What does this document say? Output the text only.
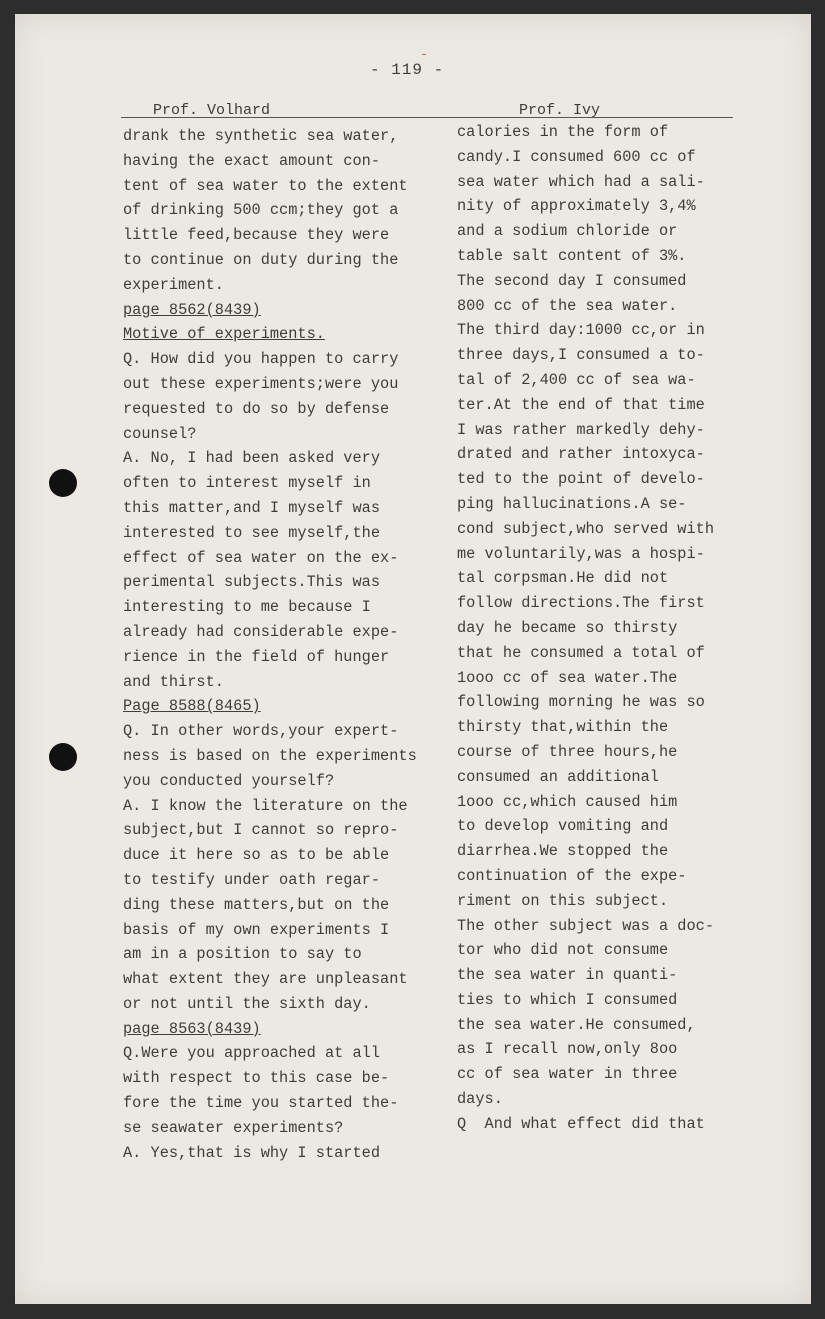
- 119 -
-
Prof. Volhard	Prof. Ivy
drank the synthetic sea water,
having the exact amount con-
tent of sea water to the extent
of drinking 500 ccm;they got a
little feed,because they were
to continue on duty during the
experiment.
page 8562(8439)
Motive of experiments.
Q. How did you happen to carry
out these experiments;were you
requested to do so by defense
counsel?
A. No, I had been asked very
often to interest myself in
this matter,and I myself was
interested to see myself,the
effect of sea water on the ex-
perimental subjects.This was
interesting to me because I
already had considerable expe-
rience in the field of hunger
and thirst.
Page 8588(8465)
Q. In other words,your expert-
ness is based on the experiments
you conducted yourself?
A. I know the literature on the
subject,but I cannot so repro-
duce it here so as to be able
to testify under oath regar-
ding these matters,but on the
basis of my own experiments I
am in a position to say to
what extent they are unpleasant
or not until the sixth day.
page 8563(8439)
Q.Were you approached at all
with respect to this case be-
fore the time you started the-
se seawater experiments?
A. Yes,that is why I started
calories in the form of
candy.I consumed 600 cc of
sea water which had a sali-
nity of approximately 3,4%
and a sodium chloride or
table salt content of 3%.
The second day I consumed
800 cc of the sea water.
The third day:1000 cc,or in
three days,I consumed a to-
tal of 2,400 cc of sea wa-
ter.At the end of that time
I was rather markedly dehy-
drated and rather intoxyca-
ted to the point of develo-
ping hallucinations.A se-
cond subject,who served with
me voluntarily,was a hospi-
tal corpsman.He did not
follow directions.The first
day he became so thirsty
that he consumed a total of
1ooo cc of sea water.The
following morning he was so
thirsty that,within the
course of three hours,he
consumed an additional
1ooo cc,which caused him
to develop vomiting and
diarrhea.We stopped the
continuation of the expe-
riment on this subject.
The other subject was a doc-
tor who did not consume
the sea water in quanti-
ties to which I consumed
the sea water.He consumed,
as I recall now,only 8oo
cc of sea water in three
days.
Q  And what effect did that
